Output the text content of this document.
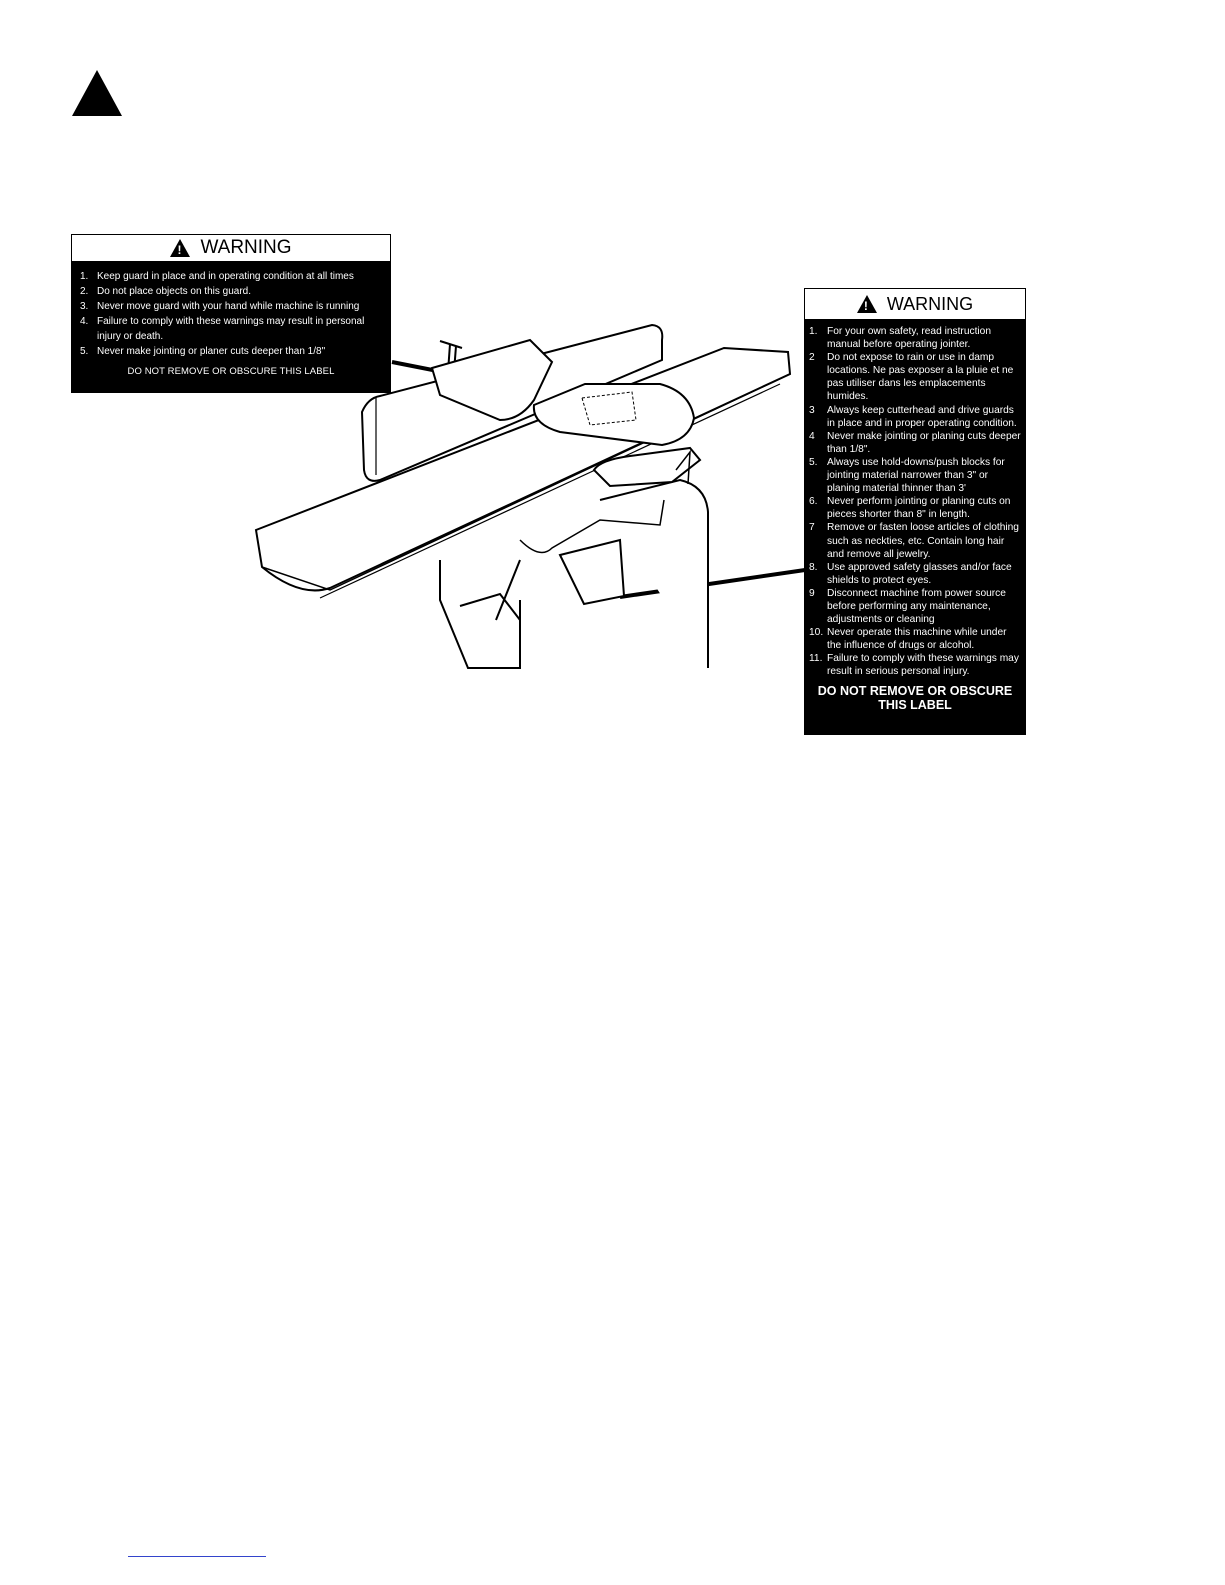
!
WARNING
1. Keep guard in place and in operating condition at all times
2. Do not place objects on this guard.
3. Never move guard with your hand while machine is running
4. Failure to comply with these warnings may result in personal injury or death.
5. Never make jointing or planer cuts deeper than 1/8"
DO NOT REMOVE OR OBSCURE THIS LABEL
!
WARNING
1. For your own safety, read instruction manual before operating jointer.
2	Do not expose to rain or use in damp locations. Ne pas exposer a la pluie et ne pas utiliser dans les emplacements humides.
3	Always keep cutterhead and drive guards in place and in proper operating condition.
4	Never make jointing or planing cuts deeper than 1/8".
5. Always use hold-downs/push blocks for jointing material narrower than 3" or planing material thinner than 3'
6. Never perform jointing or planing cuts on pieces shorter than 8" in length.
7	Remove or fasten loose articles of clothing such as neckties, etc. Contain long hair and remove all jewelry.
8. Use approved safety glasses and/or face shields to protect eyes.
9	Disconnect machine from power source before performing any maintenance, adjustments or cleaning
10. Never operate this machine while under the influence of drugs or alcohol.
11. Failure to comply with these warnings may result in serious personal injury.
DO NOT REMOVE OR OBSCURE THIS LABEL
